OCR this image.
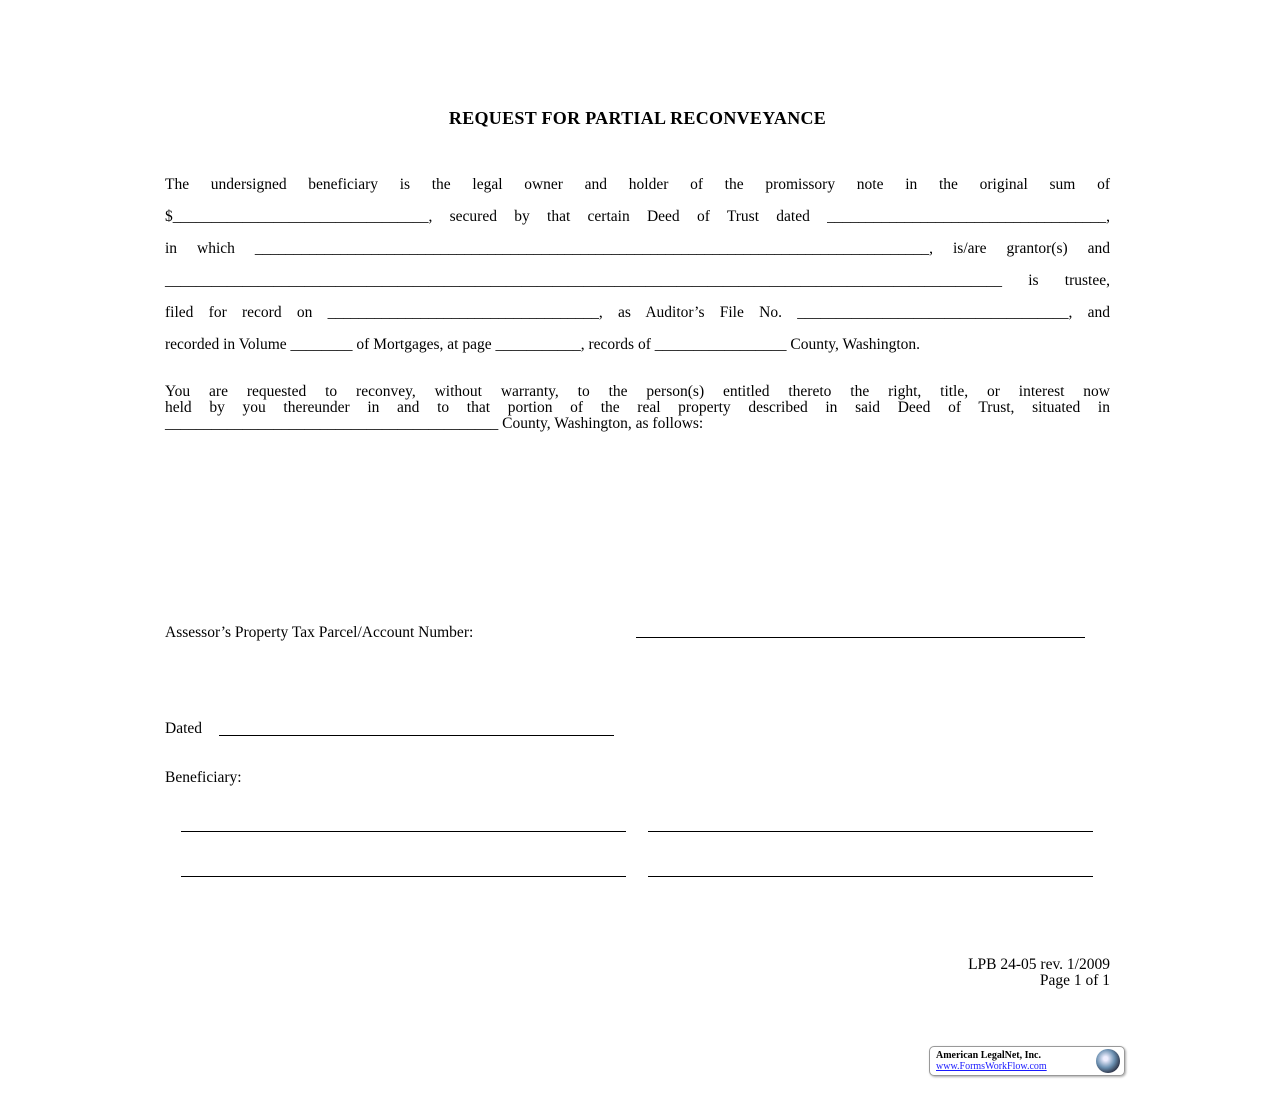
REQUEST FOR PARTIAL RECONVEYANCE
The undersigned beneficiary is the legal owner and holder of the promissory note in the original sum of
$_________________________________, secured by that certain Deed of Trust dated ____________________________________,
in which _______________________________________________________________________________________, is/are grantor(s) and
____________________________________________________________________________________________________________ is trustee,
filed for record on ___________________________________, as Auditor’s File No. ___________________________________, and
recorded in Volume ________ of Mortgages, at page ___________, records of _________________ County, Washington.
You are requested to reconvey, without warranty, to the person(s) entitled thereto the right, title, or interest now
held by you thereunder in and to that portion of the real property described in said Deed of Trust, situated in
___________________________________________ County, Washington, as follows:
Assessor’s Property Tax Parcel/Account Number:
Dated
Beneficiary:
LPB 24-05 rev. 1/2009
Page 1 of 1
American LegalNet, Inc.
www.FormsWorkFlow.com
